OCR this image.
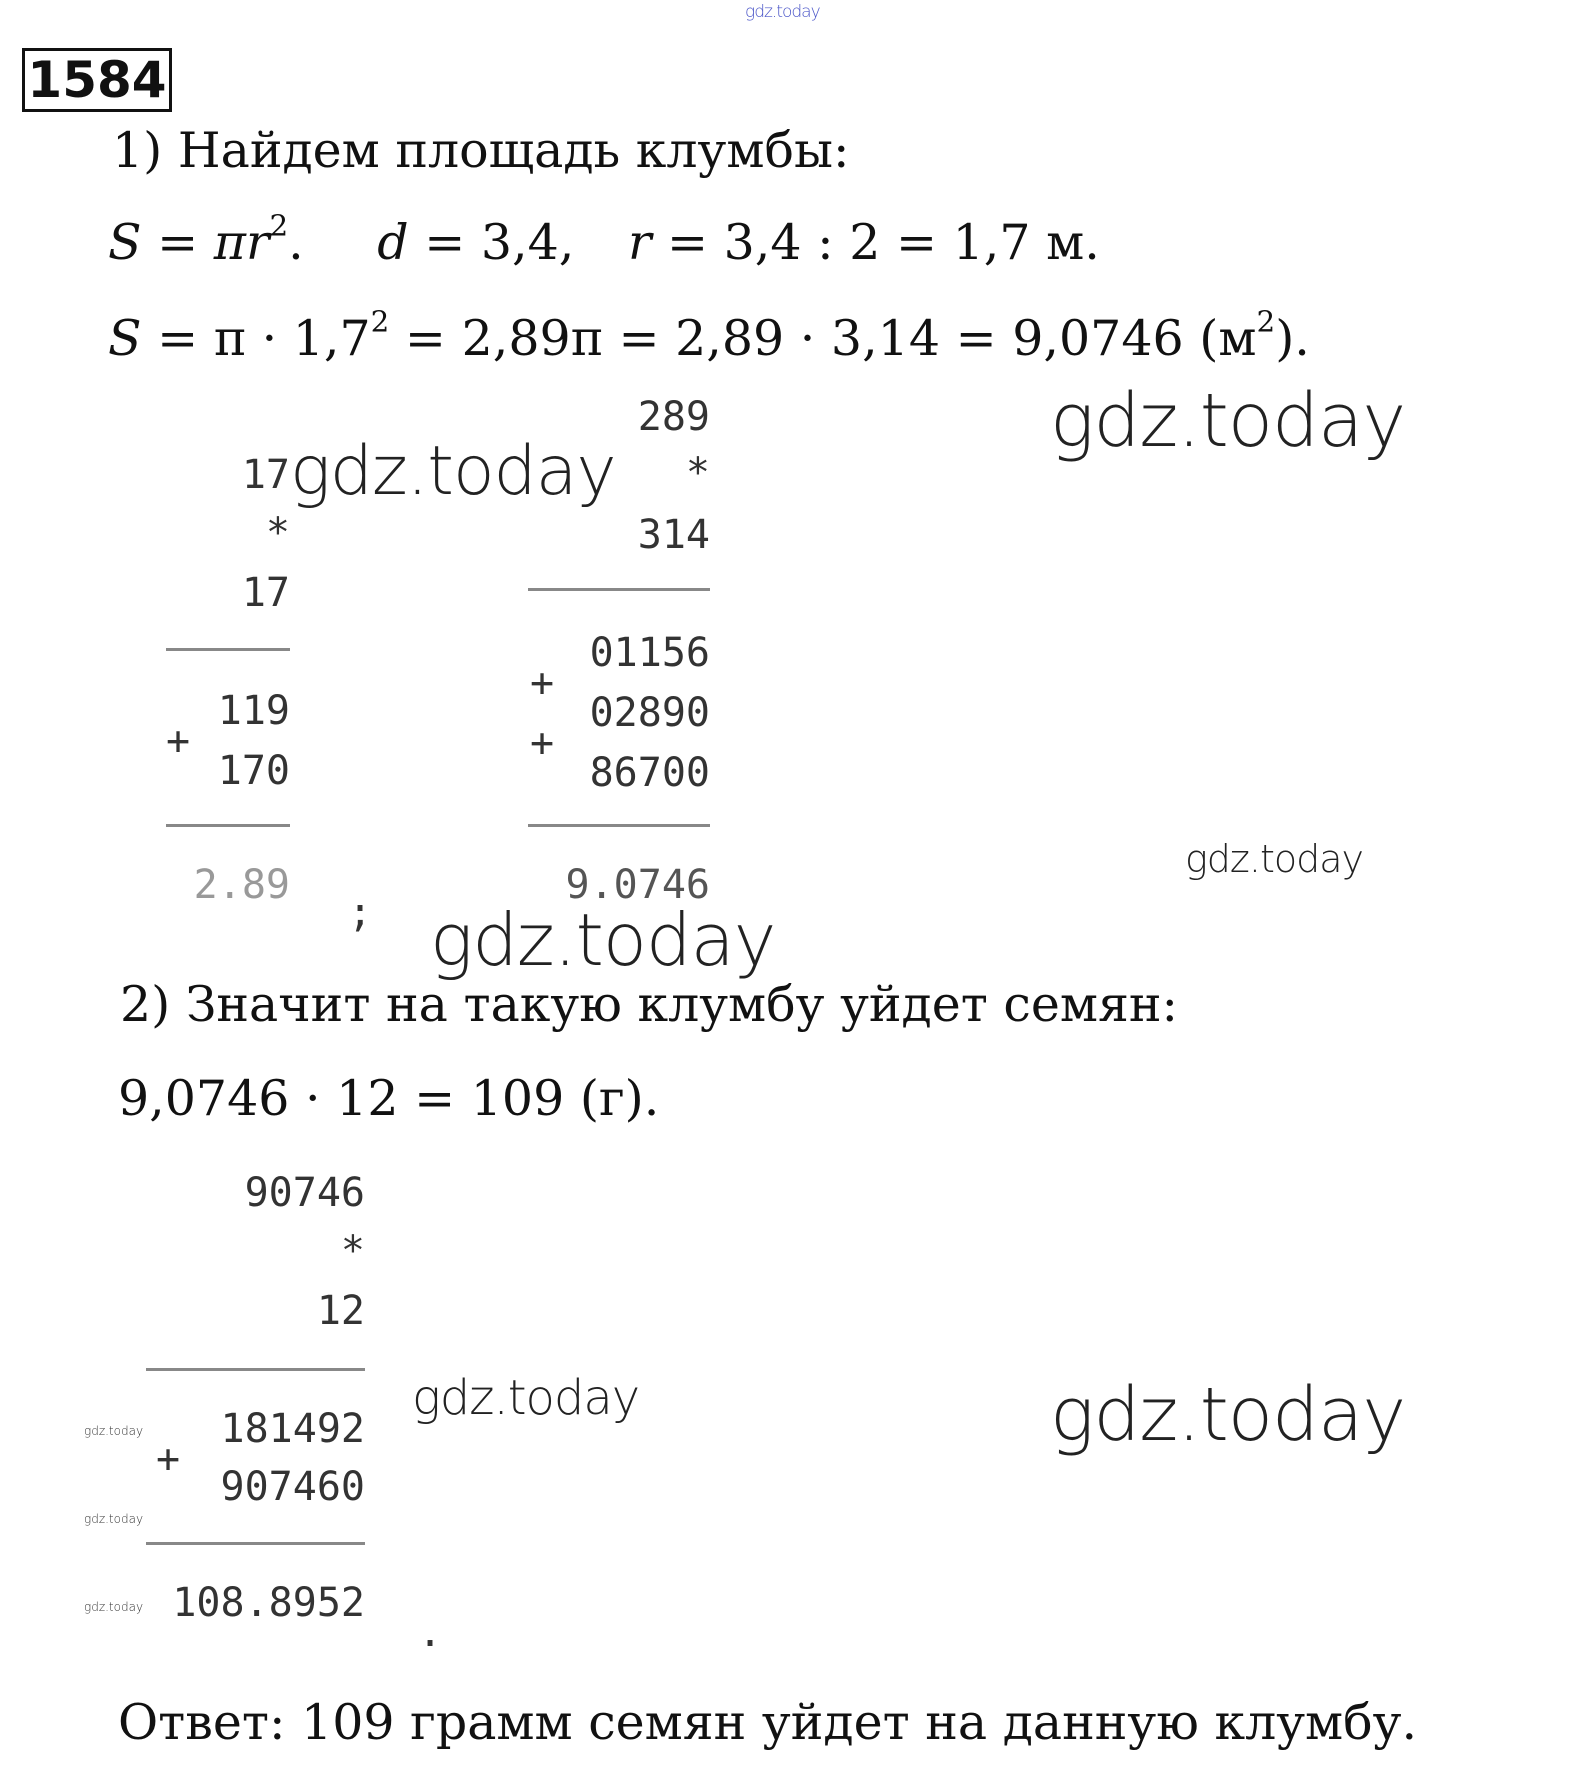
gdz.today
gdz.today
gdz.today
gdz.today
gdz.today
gdz.today	gdz.today
gdz.today
gdz.today
gdz.today
1584
1) Найдем площадь клумбы:
$S = \pi r^2$. d = 3,4, r = 3,4 : 2 = 1,7 м.
$S = \pi \cdot 1,7^2 = 2,89\pi = 2,89 \cdot 3,14 = 9,0746$ $(м^2)$.
17
*
17
119
+
170
2.89
;
289
*
314
01156
+
02890
+
86700
9.0746
2) Значит на такую клумбу уйдет семян:
9,0746 · 12 = 109 (г).
90746
*
12
181492
+
907460
108.8952
.
Ответ: 109 грамм семян уйдет на данную клумбу.
